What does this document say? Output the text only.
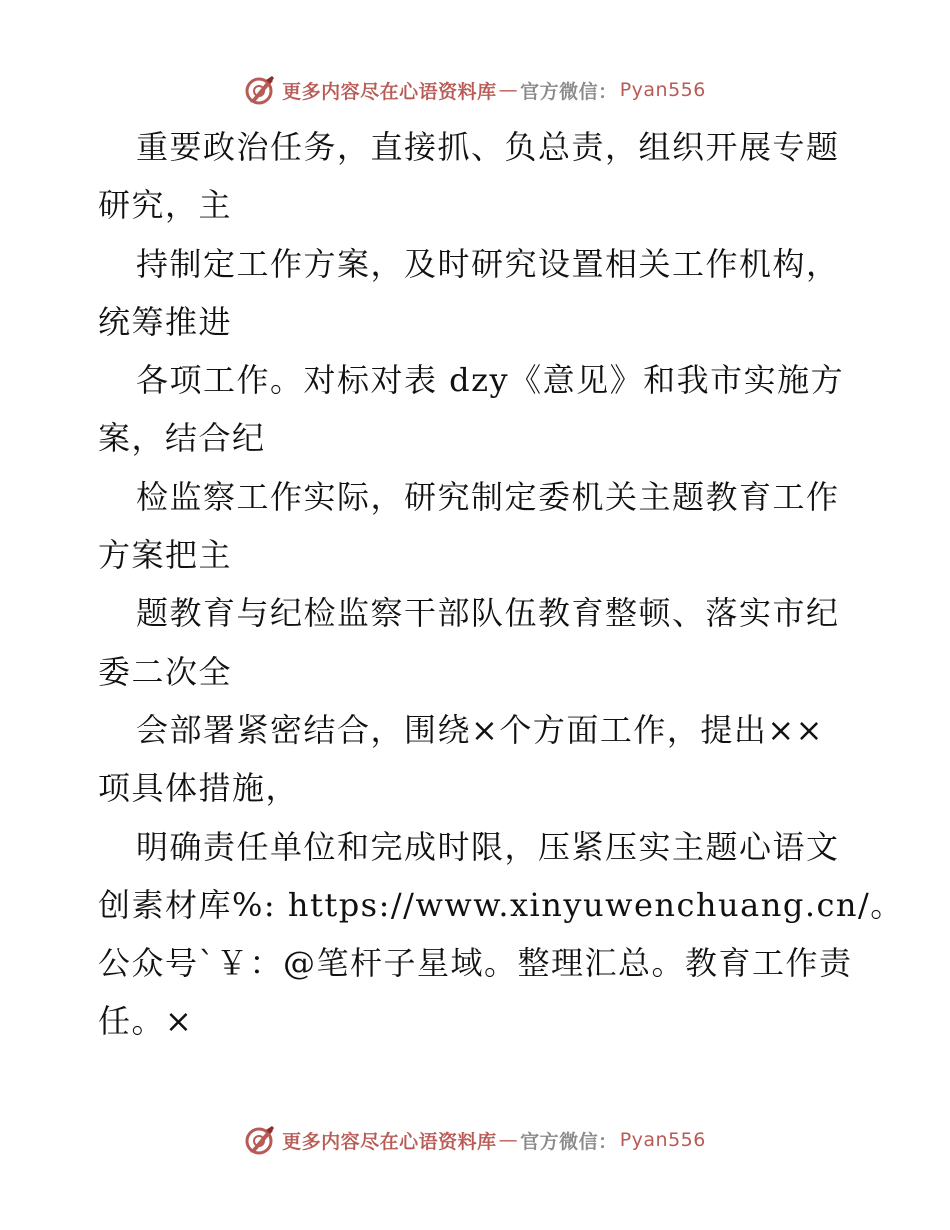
更多内容尽在心语资料库 — 官方微信： Pyan556
重要政治任务，直接抓、负总责，组织开展专题
研究，主
持制定工作方案，及时研究设置相关工作机构，
统筹推进
各项工作。对标对表 dzy《意见》和我市实施方
案，结合纪
检监察工作实际，研究制定委机关主题教育工作
方案把主
题教育与纪检监察干部队伍教育整顿、落实市纪
委二次全
会部署紧密结合，围绕×个方面工作，提出××
项具体措施，
明确责任单位和完成时限，压紧压实主题心语文
创素材库%: https://www.xinyuwenchuang.cn/。
公众号`￥：@笔杆子星域。整理汇总。教育工作责
任。×
更多内容尽在心语资料库 — 官方微信： Pyan556
